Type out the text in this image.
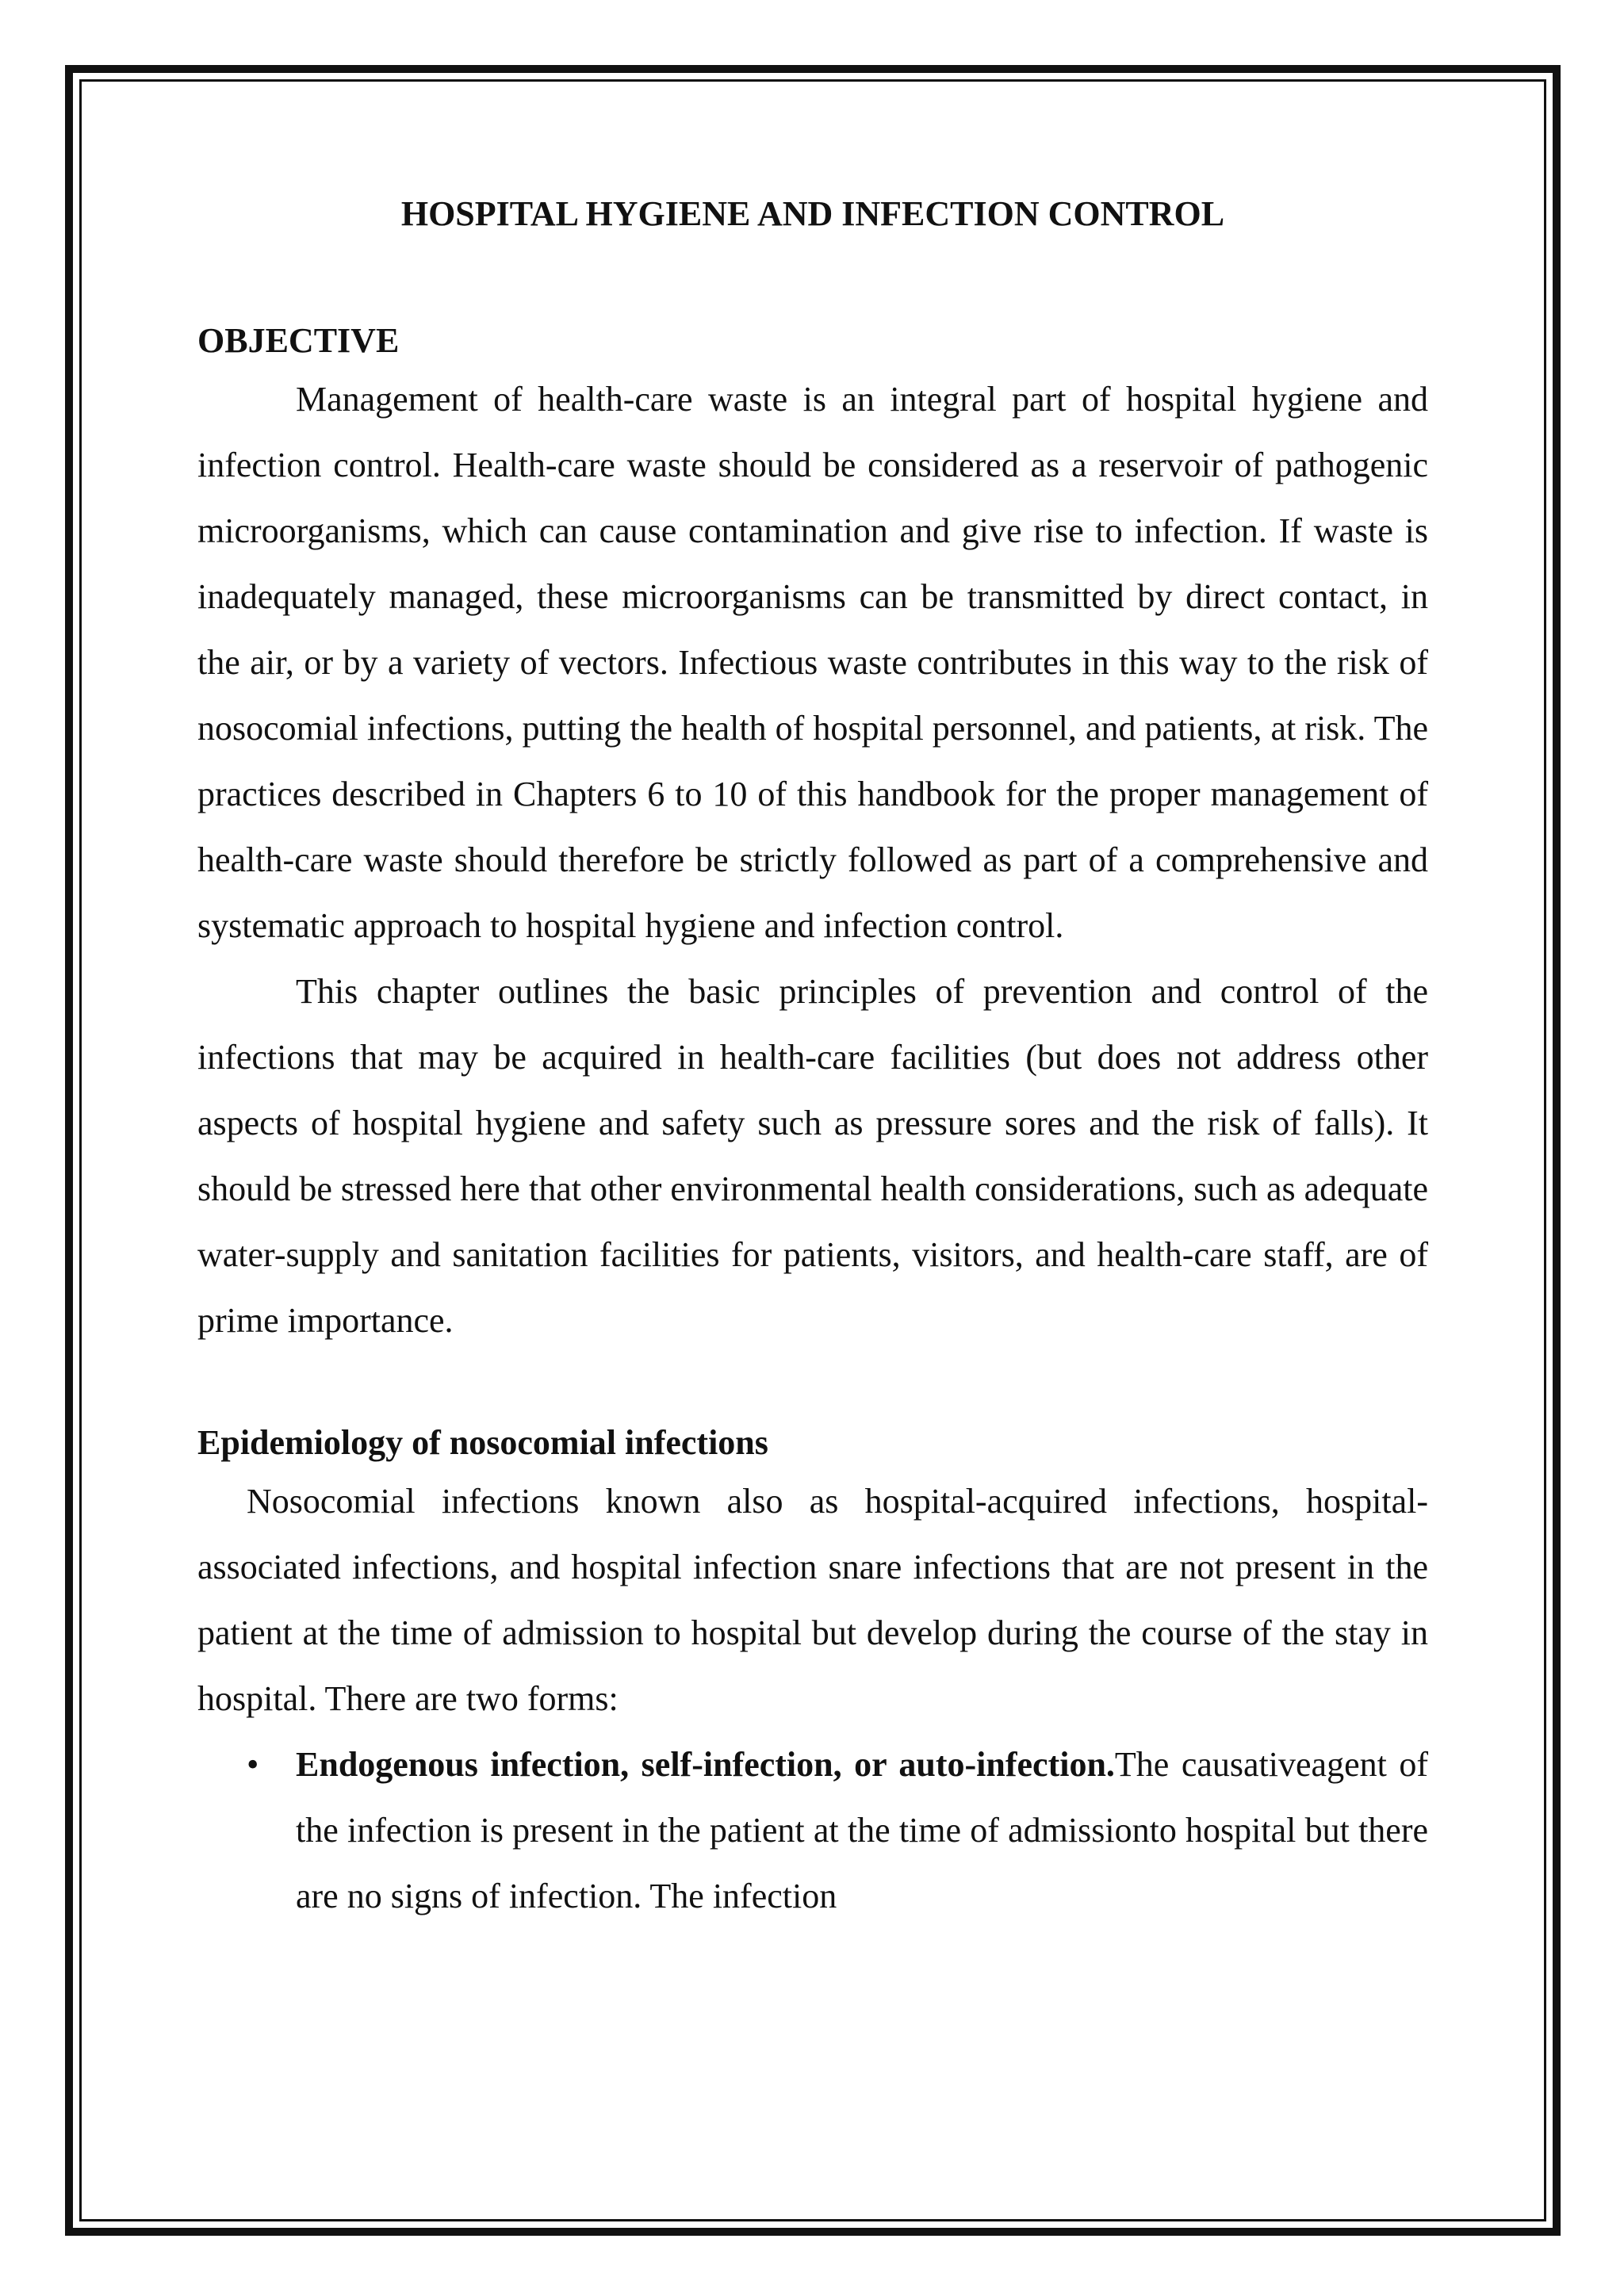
HOSPITAL HYGIENE AND INFECTION CONTROL
OBJECTIVE

Management of health-care waste is an integral part of hospital hygiene and infection control. Health-care waste should be considered as a reservoir of pathogenic microorganisms, which can cause contamination and give rise to infection. If waste is inadequately managed, these microorganisms can be transmitted by direct contact, in the air, or by a variety of vectors. Infectious waste contributes in this way to the risk of nosocomial infections, putting the health of hospital personnel, and patients, at risk. The practices described in Chapters 6 to 10 of this handbook for the proper management of health-care waste should therefore be strictly followed as part of a comprehensive and systematic approach to hospital hygiene and infection control.

This chapter outlines the basic principles of prevention and control of the infections that may be acquired in health-care facilities (but does not address other aspects of hospital hygiene and safety such as pressure sores and the risk of falls). It should be stressed here that other environmental health considerations, such as adequate water-supply and sanitation facilities for patients, visitors, and health-care staff, are of prime importance.

Epidemiology of nosocomial infections

Nosocomial infections known also as hospital-acquired infections, hospital-associated infections, and hospital infection snare infections that are not present in the patient at the time of admission to hospital but develop during the course of the stay in hospital. There are two forms:

• Endogenous infection, self-infection, or auto-infection.The causativeagent of the infection is present in the patient at the time of admissionto hospital but there are no signs of infection. The infection
